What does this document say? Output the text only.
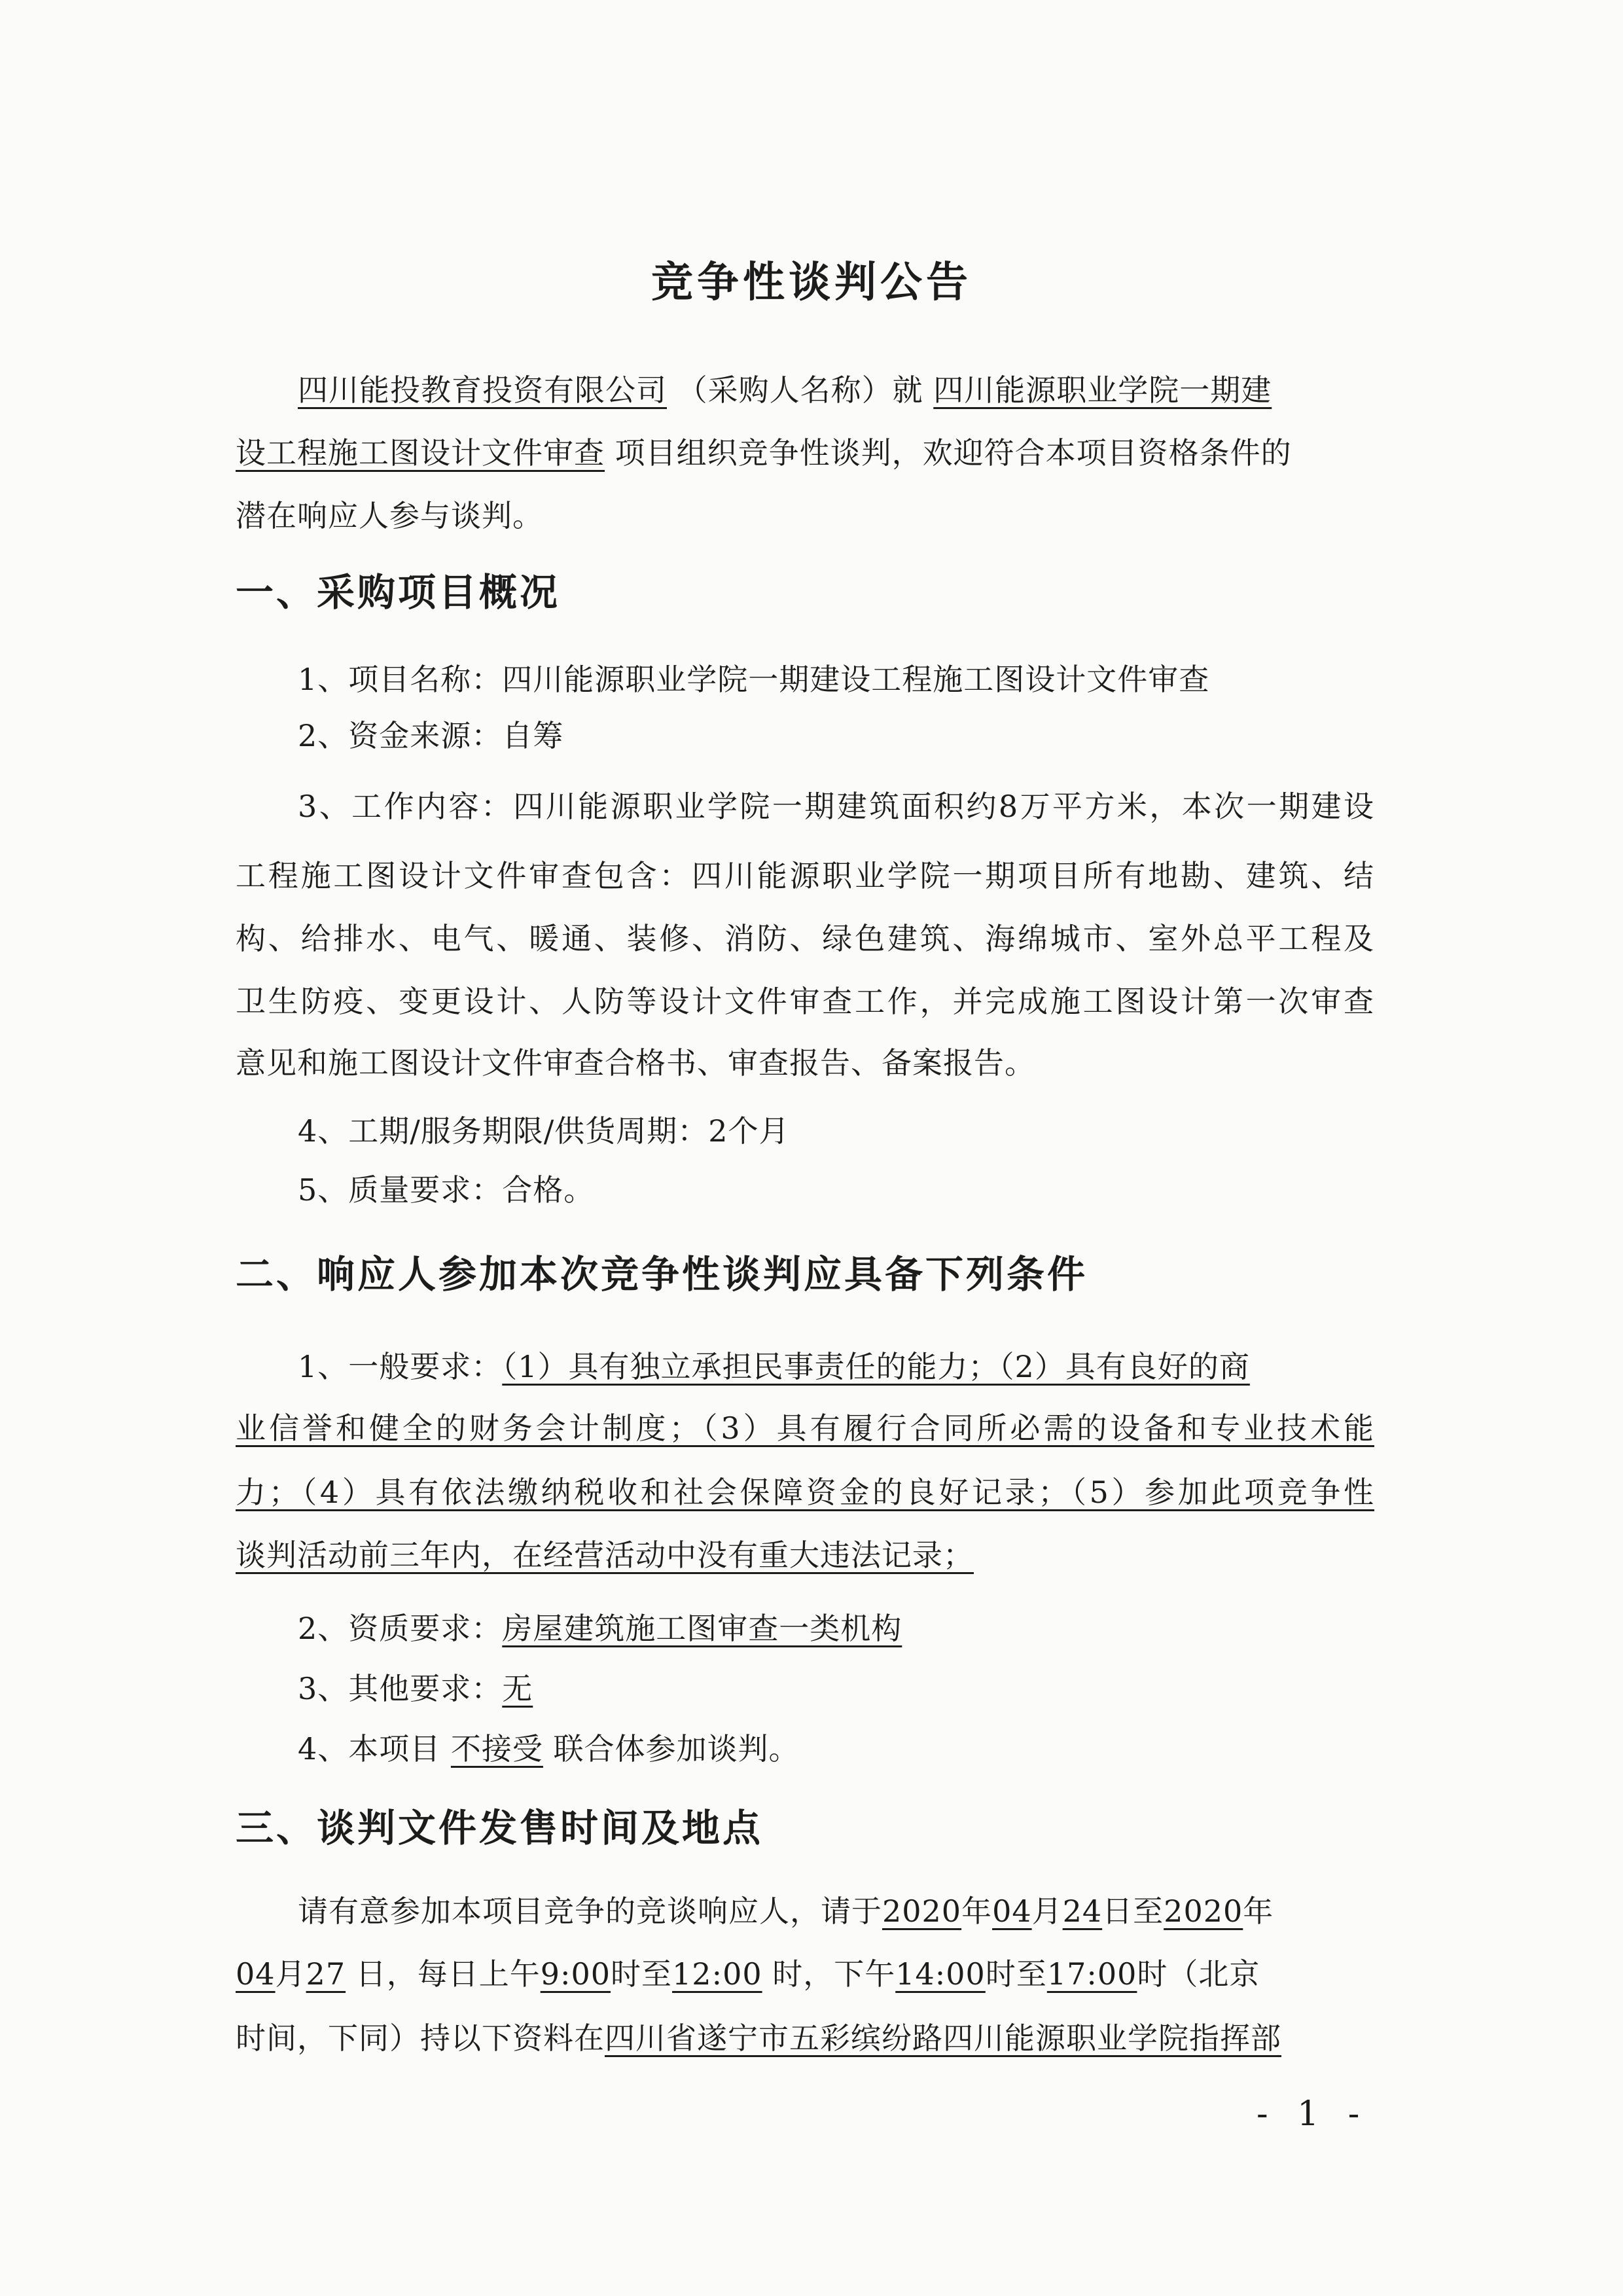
竞争性谈判公告
四川能投教育投资有限公司 （采购人名称）就 四川能源职业学院一期建
设工程施工图设计文件审查 项目组织竞争性谈判，欢迎符合本项目资格条件的
潜在响应人参与谈判。
一、采购项目概况
1、项目名称：四川能源职业学院一期建设工程施工图设计文件审查
2、资金来源：自筹
3、工作内容：四川能源职业学院一期建筑面积约8万平方米，本次一期建设
工程施工图设计文件审查包含：四川能源职业学院一期项目所有地勘、建筑、结
构、给排水、电气、暖通、装修、消防、绿色建筑、海绵城市、室外总平工程及
卫生防疫、变更设计、人防等设计文件审查工作，并完成施工图设计第一次审查
意见和施工图设计文件审查合格书、审查报告、备案报告。
4、工期/服务期限/供货周期：2个月
5、质量要求：合格。
二、响应人参加本次竞争性谈判应具备下列条件
1、一般要求：（1）具有独立承担民事责任的能力；（2）具有良好的商
业信誉和健全的财务会计制度；（3）具有履行合同所必需的设备和专业技术能
力；（4）具有依法缴纳税收和社会保障资金的良好记录；（5）参加此项竞争性
谈判活动前三年内，在经营活动中没有重大违法记录；
2、资质要求：房屋建筑施工图审查一类机构
3、其他要求：无
4、本项目 不接受 联合体参加谈判。
三、谈判文件发售时间及地点
请有意参加本项目竞争的竞谈响应人，请于2020年04月24日至2020年
04月27 日，每日上午9:00时至12:00 时，下午14:00时至17:00时（北京
时间，下同）持以下资料在四川省遂宁市五彩缤纷路四川能源职业学院指挥部
- 1 -
